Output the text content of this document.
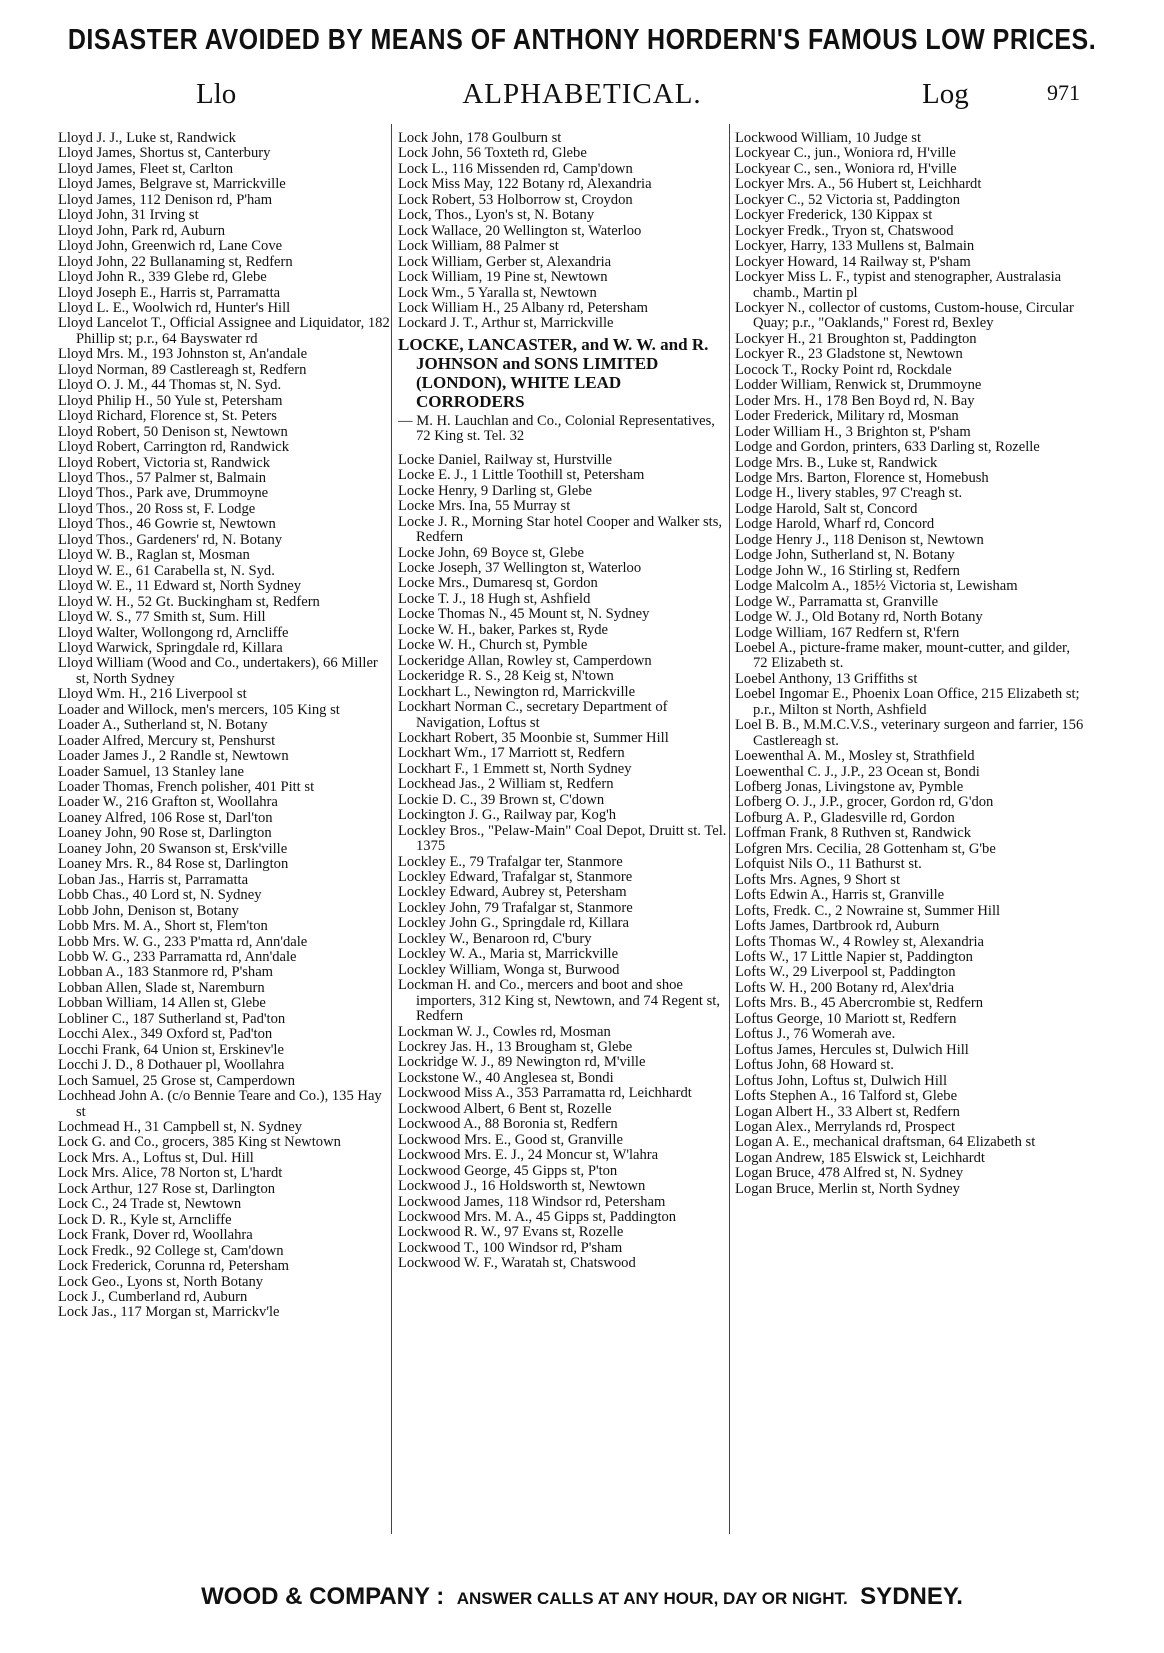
DISASTER AVOIDED BY MEANS OF ANTHONY HORDERN'S FAMOUS LOW PRICES.
Llo	ALPHABETICAL.	Log	971

Lloyd J. J., Luke st, Randwick

Lloyd James, Shortus st, Canterbury

Lloyd James, Fleet st, Carlton

Lloyd James, Belgrave st, Marrickville

Lloyd James, 112 Denison rd, P'ham

Lloyd John, 31 Irving st

Lloyd John, Park rd, Auburn

Lloyd John, Greenwich rd, Lane Cove

Lloyd John, 22 Bullanaming st, Redfern

Lloyd John R., 339 Glebe rd, Glebe

Lloyd Joseph E., Harris st, Parramatta

Lloyd L. E., Woolwich rd, Hunter's Hill

Lloyd Lancelot T., Official Assignee and Liquidator, 182 Phillip st; p.r., 64 Bayswater rd

Lloyd Mrs. M., 193 Johnston st, An'andale

Lloyd Norman, 89 Castlereagh st, Redfern

Lloyd O. J. M., 44 Thomas st, N. Syd.

Lloyd Philip H., 50 Yule st, Petersham

Lloyd Richard, Florence st, St. Peters

Lloyd Robert, 50 Denison st, Newtown

Lloyd Robert, Carrington rd, Randwick

Lloyd Robert, Victoria st, Randwick

Lloyd Thos., 57 Palmer st, Balmain

Lloyd Thos., Park ave, Drummoyne

Lloyd Thos., 20 Ross st, F. Lodge

Lloyd Thos., 46 Gowrie st, Newtown

Lloyd Thos., Gardeners' rd, N. Botany

Lloyd W. B., Raglan st, Mosman

Lloyd W. E., 61 Carabella st, N. Syd.

Lloyd W. E., 11 Edward st, North Sydney

Lloyd W. H., 52 Gt. Buckingham st, Redfern

Lloyd W. S., 77 Smith st, Sum. Hill

Lloyd Walter, Wollongong rd, Arncliffe

Lloyd Warwick, Springdale rd, Killara

Lloyd William (Wood and Co., undertakers), 66 Miller st, North Sydney

Lloyd Wm. H., 216 Liverpool st

Loader and Willock, men's mercers, 105 King st

Loader A., Sutherland st, N. Botany

Loader Alfred, Mercury st, Penshurst

Loader James J., 2 Randle st, Newtown

Loader Samuel, 13 Stanley lane

Loader Thomas, French polisher, 401 Pitt st

Loader W., 216 Grafton st, Woollahra

Loaney Alfred, 106 Rose st, Darl'ton

Loaney John, 90 Rose st, Darlington

Loaney John, 20 Swanson st, Ersk'ville

Loaney Mrs. R., 84 Rose st, Darlington

Loban Jas., Harris st, Parramatta

Lobb Chas., 40 Lord st, N. Sydney

Lobb John, Denison st, Botany

Lobb Mrs. M. A., Short st, Flem'ton

Lobb Mrs. W. G., 233 P'matta rd, Ann'dale

Lobb W. G., 233 Parramatta rd, Ann'dale

Lobban A., 183 Stanmore rd, P'sham

Lobban Allen, Slade st, Naremburn

Lobban William, 14 Allen st, Glebe

Lobliner C., 187 Sutherland st, Pad'ton

Locchi Alex., 349 Oxford st, Pad'ton

Locchi Frank, 64 Union st, Erskinev'le

Locchi J. D., 8 Dothauer pl, Woollahra

Loch Samuel, 25 Grose st, Camperdown

Lochhead John A. (c/o Bennie Teare and Co.), 135 Hay st

Lochmead H., 31 Campbell st, N. Sydney

Lock G. and Co., grocers, 385 King st Newtown

Lock Mrs. A., Loftus st, Dul. Hill

Lock Mrs. Alice, 78 Norton st, L'hardt

Lock Arthur, 127 Rose st, Darlington

Lock C., 24 Trade st, Newtown

Lock D. R., Kyle st, Arncliffe

Lock Frank, Dover rd, Woollahra

Lock Fredk., 92 College st, Cam'down

Lock Frederick, Corunna rd, Petersham

Lock Geo., Lyons st, North Botany

Lock J., Cumberland rd, Auburn

Lock Jas., 117 Morgan st, Marrickv'le

Lock John, 178 Goulburn st

Lock John, 56 Toxteth rd, Glebe

Lock L., 116 Missenden rd, Camp'down

Lock Miss May, 122 Botany rd, Alexandria

Lock Robert, 53 Holborrow st, Croydon

Lock, Thos., Lyon's st, N. Botany

Lock Wallace, 20 Wellington st, Waterloo

Lock William, 88 Palmer st

Lock William, Gerber st, Alexandria

Lock William, 19 Pine st, Newtown

Lock Wm., 5 Yaralla st, Newtown

Lock William H., 25 Albany rd, Petersham

Lockard J. T., Arthur st, Marrickville

LOCKE, LANCASTER, and W. W. and R. JOHNSON and SONS LIMITED (LONDON), WHITE LEAD CORRODERS

— M. H. Lauchlan and Co., Colonial Representatives, 72 King st. Tel. 32

Locke Daniel, Railway st, Hurstville

Locke E. J., 1 Little Toothill st, Petersham

Locke Henry, 9 Darling st, Glebe

Locke Mrs. Ina, 55 Murray st

Locke J. R., Morning Star hotel Cooper and Walker sts, Redfern

Locke John, 69 Boyce st, Glebe

Locke Joseph, 37 Wellington st, Waterloo

Locke Mrs., Dumaresq st, Gordon

Locke T. J., 18 Hugh st, Ashfield

Locke Thomas N., 45 Mount st, N. Sydney

Locke W. H., baker, Parkes st, Ryde

Locke W. H., Church st, Pymble

Lockeridge Allan, Rowley st, Camperdown

Lockeridge R. S., 28 Keig st, N'town

Lockhart L., Newington rd, Marrickville

Lockhart Norman C., secretary Department of Navigation, Loftus st

Lockhart Robert, 35 Moonbie st, Summer Hill

Lockhart Wm., 17 Marriott st, Redfern

Lockhart F., 1 Emmett st, North Sydney

Lockhead Jas., 2 William st, Redfern

Lockie D. C., 39 Brown st, C'down

Lockington J. G., Railway par, Kog'h

Lockley Bros., "Pelaw-Main" Coal Depot, Druitt st. Tel. 1375

Lockley E., 79 Trafalgar ter, Stanmore

Lockley Edward, Trafalgar st, Stanmore

Lockley Edward, Aubrey st, Petersham

Lockley John, 79 Trafalgar st, Stanmore

Lockley John G., Springdale rd, Killara

Lockley W., Benaroon rd, C'bury

Lockley W. A., Maria st, Marrickville

Lockley William, Wonga st, Burwood

Lockman H. and Co., mercers and boot and shoe importers, 312 King st, Newtown, and 74 Regent st, Redfern

Lockman W. J., Cowles rd, Mosman

Lockrey Jas. H., 13 Brougham st, Glebe

Lockridge W. J., 89 Newington rd, M'ville

Lockstone W., 40 Anglesea st, Bondi

Lockwood Miss A., 353 Parramatta rd, Leichhardt

Lockwood Albert, 6 Bent st, Rozelle

Lockwood A., 88 Boronia st, Redfern

Lockwood Mrs. E., Good st, Granville

Lockwood Mrs. E. J., 24 Moncur st, W'lahra

Lockwood George, 45 Gipps st, P'ton

Lockwood J., 16 Holdsworth st, Newtown

Lockwood James, 118 Windsor rd, Petersham

Lockwood Mrs. M. A., 45 Gipps st, Paddington

Lockwood R. W., 97 Evans st, Rozelle

Lockwood T., 100 Windsor rd, P'sham

Lockwood W. F., Waratah st, Chatswood

Lockwood William, 10 Judge st

Lockyear C., jun., Woniora rd, H'ville

Lockyear C., sen., Woniora rd, H'ville

Lockyer Mrs. A., 56 Hubert st, Leichhardt

Lockyer C., 52 Victoria st, Paddington

Lockyer Frederick, 130 Kippax st

Lockyer Fredk., Tryon st, Chatswood

Lockyer, Harry, 133 Mullens st, Balmain

Lockyer Howard, 14 Railway st, P'sham

Lockyer Miss L. F., typist and stenographer, Australasia chamb., Martin pl

Lockyer N., collector of customs, Custom-house, Circular Quay; p.r., "Oaklands," Forest rd, Bexley

Lockyer H., 21 Broughton st, Paddington

Lockyer R., 23 Gladstone st, Newtown

Locock T., Rocky Point rd, Rockdale

Lodder William, Renwick st, Drummoyne

Loder Mrs. H., 178 Ben Boyd rd, N. Bay

Loder Frederick, Military rd, Mosman

Loder William H., 3 Brighton st, P'sham

Lodge and Gordon, printers, 633 Darling st, Rozelle

Lodge Mrs. B., Luke st, Randwick

Lodge Mrs. Barton, Florence st, Homebush

Lodge H., livery stables, 97 C'reagh st.

Lodge Harold, Salt st, Concord

Lodge Harold, Wharf rd, Concord

Lodge Henry J., 118 Denison st, Newtown

Lodge John, Sutherland st, N. Botany

Lodge John W., 16 Stirling st, Redfern

Lodge Malcolm A., 185½ Victoria st, Lewisham

Lodge W., Parramatta st, Granville

Lodge W. J., Old Botany rd, North Botany

Lodge William, 167 Redfern st, R'fern

Loebel A., picture-frame maker, mount-cutter, and gilder, 72 Elizabeth st.

Loebel Anthony, 13 Griffiths st

Loebel Ingomar E., Phoenix Loan Office, 215 Elizabeth st; p.r., Milton st North, Ashfield

Loel B. B., M.M.C.V.S., veterinary surgeon and farrier, 156 Castlereagh st.

Loewenthal A. M., Mosley st, Strathfield

Loewenthal C. J., J.P., 23 Ocean st, Bondi

Lofberg Jonas, Livingstone av, Pymble

Lofberg O. J., J.P., grocer, Gordon rd, G'don

Lofburg A. P., Gladesville rd, Gordon

Loffman Frank, 8 Ruthven st, Randwick

Lofgren Mrs. Cecilia, 28 Gottenham st, G'be

Lofquist Nils O., 11 Bathurst st.

Lofts Mrs. Agnes, 9 Short st

Lofts Edwin A., Harris st, Granville

Lofts, Fredk. C., 2 Nowraine st, Summer Hill

Lofts James, Dartbrook rd, Auburn

Lofts Thomas W., 4 Rowley st, Alexandria

Lofts W., 17 Little Napier st, Paddington

Lofts W., 29 Liverpool st, Paddington

Lofts W. H., 200 Botany rd, Alex'dria

Lofts Mrs. B., 45 Abercrombie st, Redfern

Loftus George, 10 Mariott st, Redfern

Loftus J., 76 Womerah ave.

Loftus James, Hercules st, Dulwich Hill

Loftus John, 68 Howard st.

Loftus John, Loftus st, Dulwich Hill

Lofts Stephen A., 16 Talford st, Glebe

Logan Albert H., 33 Albert st, Redfern

Logan Alex., Merrylands rd, Prospect

Logan A. E., mechanical draftsman, 64 Elizabeth st

Logan Andrew, 185 Elswick st, Leichhardt

Logan Bruce, 478 Alfred st, N. Sydney

Logan Bruce, Merlin st, North Sydney

WOOD & COMPANY : ANSWER CALLS AT ANY HOUR, DAY OR NIGHT. SYDNEY.
